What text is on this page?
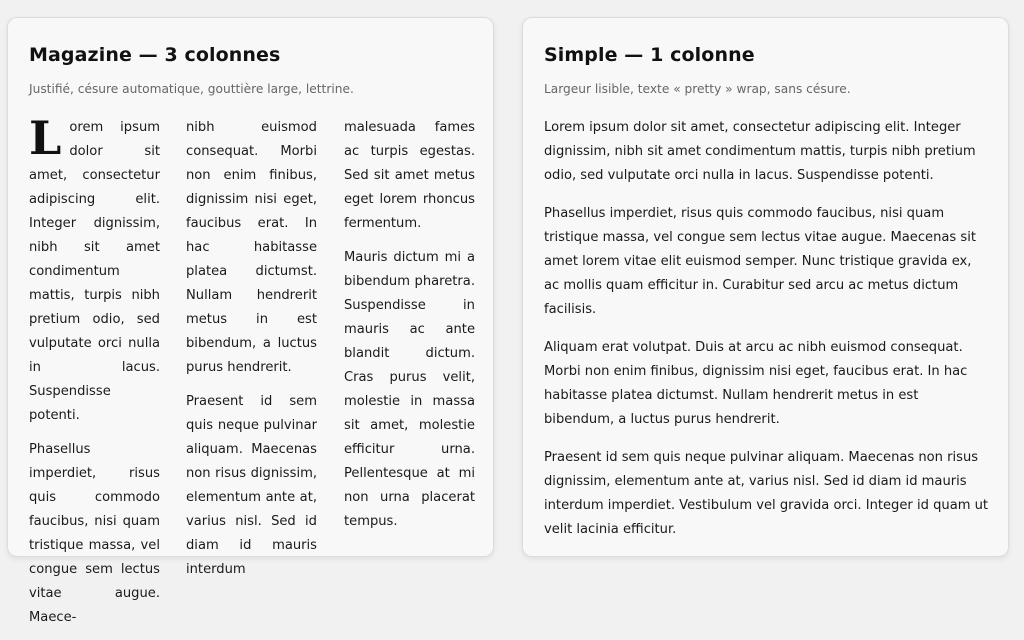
Magazine — 3 colonnes
Justifié, césure automatique, gouttière large, lettrine.

Lorem ipsum dolor sit amet, consectetur adipiscing elit. Integer dignissim, nibh sit amet condimentum mattis, turpis nibh pretium odio, sed vulputate orci nulla in lacus. Suspendisse potenti.

Phasellus imperdiet, risus quis commodo faucibus, nisi quam tristique massa, vel congue sem lectus vitae augue. Maece-

nibh euismod consequat. Morbi non enim finibus, dignissim nisi eget, faucibus erat. In hac habitasse platea dictumst. Nullam hendrerit metus in est bibendum, a luctus purus hendrerit.

Praesent id sem quis neque pulvinar aliquam. Maecenas non risus dignissim, elementum ante at, varius nisl. Sed id diam id mauris interdum

malesuada fames ac turpis egestas. Sed sit amet metus eget lorem rhoncus fermentum.

Mauris dictum mi a bibendum pharetra. Suspendisse in mauris ac ante blandit dictum. Cras purus velit, molestie in massa sit amet, molestie efficitur urna. Pellentesque at mi non urna placerat tempus.

Simple — 1 colonne
Largeur lisible, texte « pretty » wrap, sans césure.

Lorem ipsum dolor sit amet, consectetur adipiscing elit. Integer dignissim, nibh sit amet condimentum mattis, turpis nibh pretium odio, sed vulputate orci nulla in lacus. Suspendisse potenti.

Phasellus imperdiet, risus quis commodo faucibus, nisi quam tristique massa, vel congue sem lectus vitae augue. Maecenas sit amet lorem vitae elit euismod semper. Nunc tristique gravida ex, ac mollis quam efficitur in. Curabitur sed arcu ac metus dictum facilisis.

Aliquam erat volutpat. Duis at arcu ac nibh euismod consequat. Morbi non enim finibus, dignissim nisi eget, faucibus erat. In hac habitasse platea dictumst. Nullam hendrerit metus in est bibendum, a luctus purus hendrerit.

Praesent id sem quis neque pulvinar aliquam. Maecenas non risus dignissim, elementum ante at, varius nisl. Sed id diam id mauris interdum imperdiet. Vestibulum vel gravida orci. Integer id quam ut velit lacinia efficitur.
